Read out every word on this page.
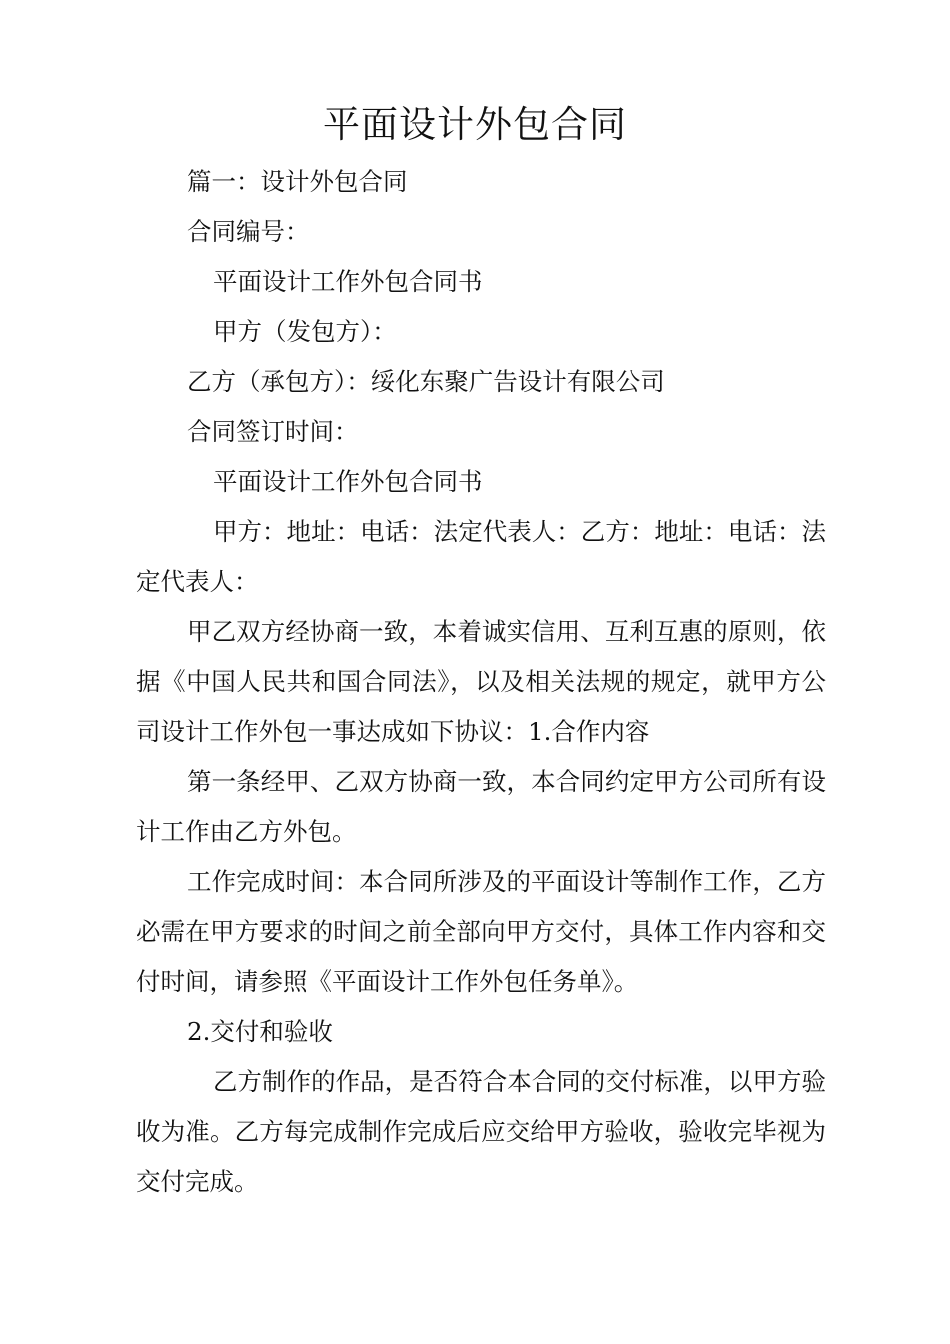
平面设计外包合同

篇一：设计外包合同

合同编号：

平面设计工作外包合同书

甲方（发包方）：

乙方（承包方）：绥化东聚广告设计有限公司

合同签订时间：

平面设计工作外包合同书

甲方：地址：电话：法定代表人：乙方：地址：电话：法定代表人：

甲乙双方经协商一致，本着诚实信用、互利互惠的原则，依据《中国人民共和国合同法》，以及相关法规的规定，就甲方公司设计工作外包一事达成如下协议：1.合作内容

第一条经甲、乙双方协商一致，本合同约定甲方公司所有设计工作由乙方外包。

工作完成时间：本合同所涉及的平面设计等制作工作，乙方必需在甲方要求的时间之前全部向甲方交付，具体工作内容和交付时间，请参照《平面设计工作外包任务单》。

2.交付和验收

乙方制作的作品，是否符合本合同的交付标准，以甲方验收为准。乙方每完成制作完成后应交给甲方验收，验收完毕视为交付完成。
